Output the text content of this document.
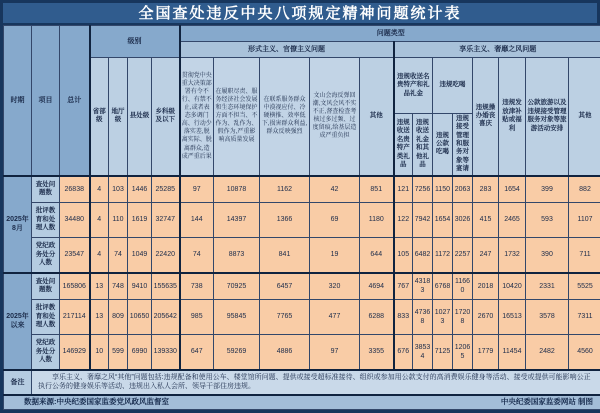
全国查处违反中央八项规定精神问题统计表
时期	项目	总计	级别				问题类型												
							形式主义、官僚主义问题					享乐主义、奢靡之风问题							
			省部级	地厅级	县处级	乡科级及以下	贯彻党中央重大决策部署有令不行、有禁不止,或者表态多调门高、行动少落实差,脱离实际、脱离群众,造成严重后果	在履职尽责、服务经济社会发展和生态环境保护方面不担当、不作为、乱作为、假作为,严重影响高质量发展	在联系服务群众中漠视应付、冷硬横推、效率低下,损害群众利益,群众反映强烈	文山会海反弹回潮,文风会风不实不正,督查检查考核过多过频、过度留痕,给基层造成严重负担	其他	违规收送名贵特产和礼品礼金		违规吃喝		违规操办婚丧喜庆	违规发放津补贴或福利	公款旅游以及违规接受管理服务对象等旅游活动安排	其他
												违规收送名贵特产类礼品	违规收送礼金和其他礼品	违规公款吃喝	违规接受管理和服务对象等宴请				
2025年8月	查处问题数	26838	4	103	1446	25285	97	10878	1162	42	851	121	7256	1150	2063	283	1654	399	882
	批评教育和处理人数	34480	4	110	1619	32747	144	14397	1366	69	1180	122	7942	1654	3026	415	2465	593	1107
	党纪政务处分人数	23547	4	74	1049	22420	74	8873	841	19	644	105	6482	1172	2257	247	1732	390	711
2025年以来	查处问题数	165806	13	748	9410	155635	738	70925	6457	320	4694	767	43183	6768	11660	2018	10420	2331	5525
	批评教育和处理人数	217114	13	809	10650	205642	985	95845	7765	477	6288	833	47368	10273	17208	2670	16513	3578	7311
	党纪政务处分人数	146929	10	599	6990	139330	647	59269	4886	97	3355	676	38534	7125	12065	1779	11454	2482	4560
备注	享乐主义、奢靡之风“其他”问题包括:违规配备和使用公车、楼堂馆所问题、提供或接受超标准接待、组织或参加用公款支付的高消费娱乐健身等活动、接受或提供可能影响公正执行公务的健身娱乐等活动、违规出入私人会所、领导干部住房违规。																		

数据来源:中央纪委国家监委党风政风监督室 中央纪委国家监委网站 制图																			
